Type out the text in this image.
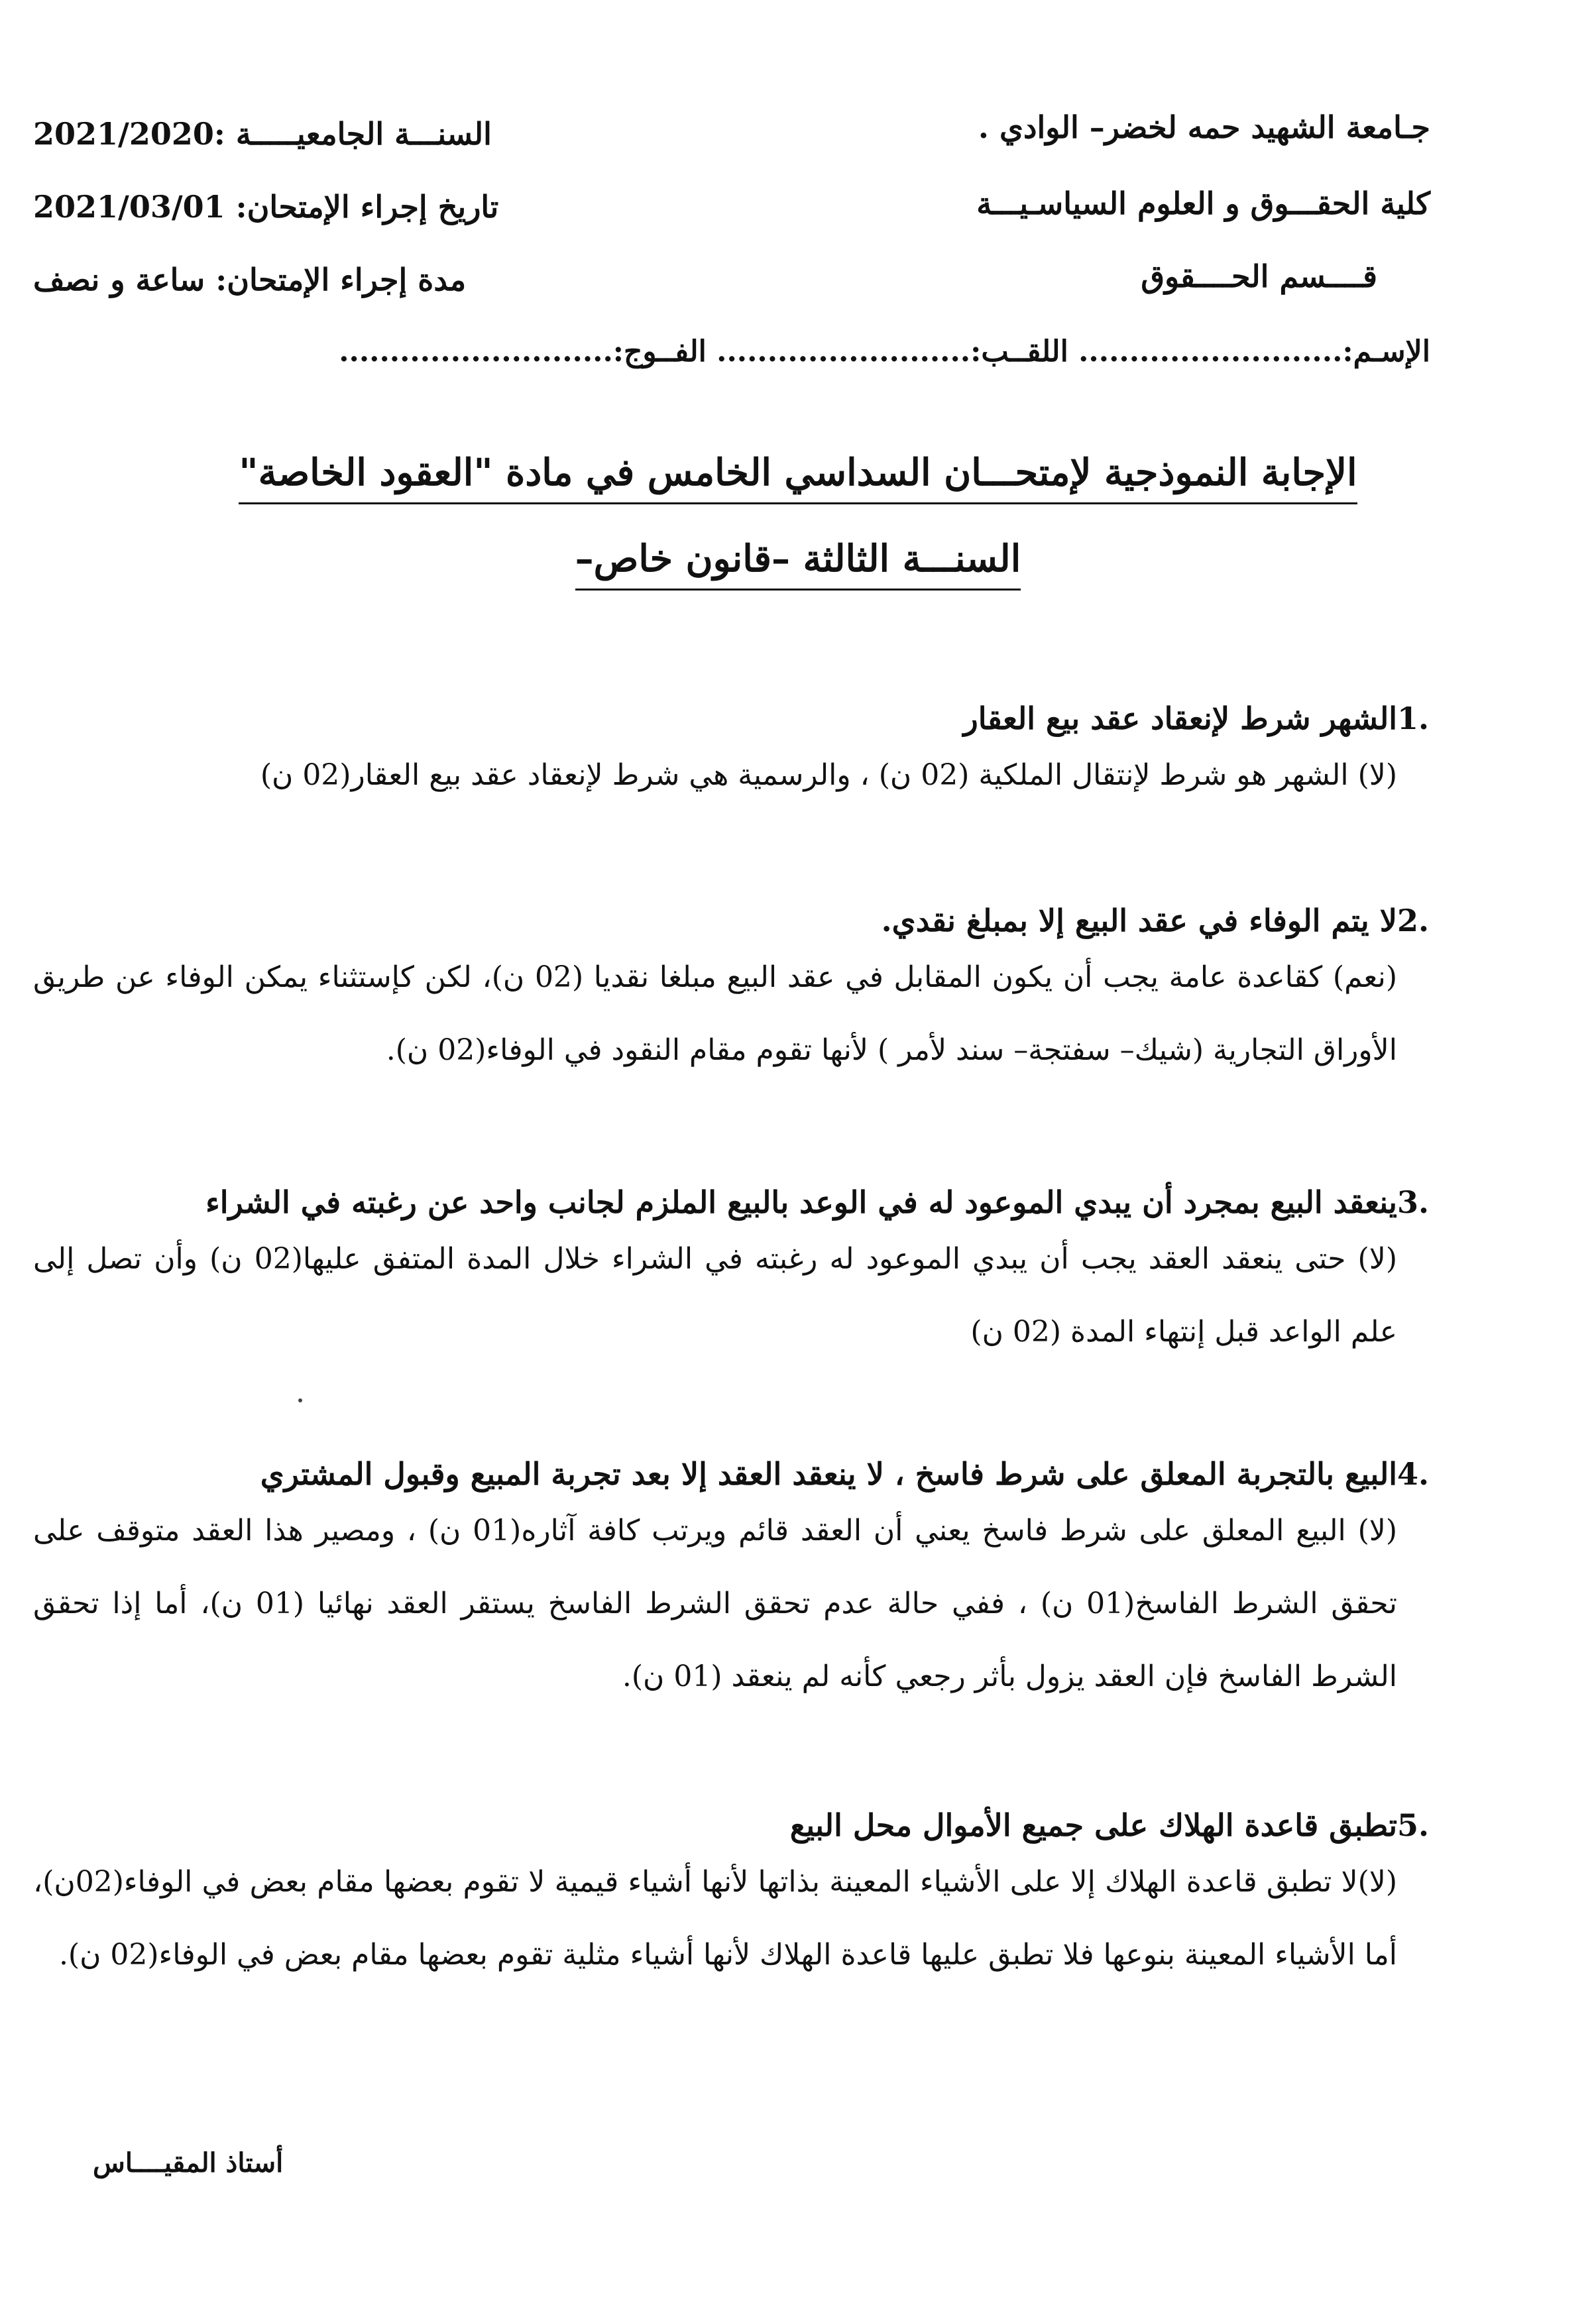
جـامعة الشهيد حمه لخضر– الوادي .
كلية الحقـــوق و العلوم السياسـيـــة
قــــسم الحــــقوق
السنـــة الجامعيـــــة :2021/2020
تاريخ إجراء الإمتحان: 2021/03/01
مدة إجراء الإمتحان: ساعة و نصف
الإسـم:.......................... اللقــب:......................... الفــوج:...........................
الإجابة النموذجية لإمتحـــان السداسي الخامس في مادة "العقود الخاصة"
السنـــة الثالثة –قانون خاص–
1.
الشهر شرط لإنعقاد عقد بيع العقار
(لا) الشهر هو شرط لإنتقال الملكية (02 ن) ، والرسمية هي شرط لإنعقاد عقد بيع العقار(02 ن)
2.
لا يتم الوفاء في عقد البيع إلا بمبلغ نقدي.
(نعم) كقاعدة عامة يجب أن يكون المقابل في عقد البيع مبلغا نقديا (02 ن)، لكن كإستثناء يمكن الوفاء عن طريق الأوراق التجارية (شيك– سفتجة– سند لأمر ) لأنها تقوم مقام النقود في الوفاء(02 ن).
3.
ينعقد البيع بمجرد أن يبدي الموعود له في الوعد بالبيع الملزم لجانب واحد عن رغبته في الشراء
(لا) حتى ينعقد العقد يجب أن يبدي الموعود له رغبته في الشراء خلال المدة المتفق عليها(02 ن) وأن تصل إلى علم الواعد قبل إنتهاء المدة (02 ن)
4.
البيع بالتجربة المعلق على شرط فاسخ ، لا ينعقد العقد إلا بعد تجربة المبيع وقبول المشتري
(لا) البيع المعلق على شرط فاسخ يعني أن العقد قائم ويرتب كافة آثاره(01 ن) ، ومصير هذا العقد متوقف على تحقق الشرط الفاسخ(01 ن) ، ففي حالة عدم تحقق الشرط الفاسخ يستقر العقد نهائيا (01 ن)، أما إذا تحقق الشرط الفاسخ فإن العقد يزول بأثر رجعي كأنه لم ينعقد (01 ن).
5.
تطبق قاعدة الهلاك على جميع الأموال محل البيع
(لا)لا تطبق قاعدة الهلاك إلا على الأشياء المعينة بذاتها لأنها أشياء قيمية لا تقوم بعضها مقام بعض في الوفاء(02ن)، أما الأشياء المعينة بنوعها فلا تطبق عليها قاعدة الهلاك لأنها أشياء مثلية تقوم بعضها مقام بعض في الوفاء(02 ن).
أستاذ المقيــــاس
